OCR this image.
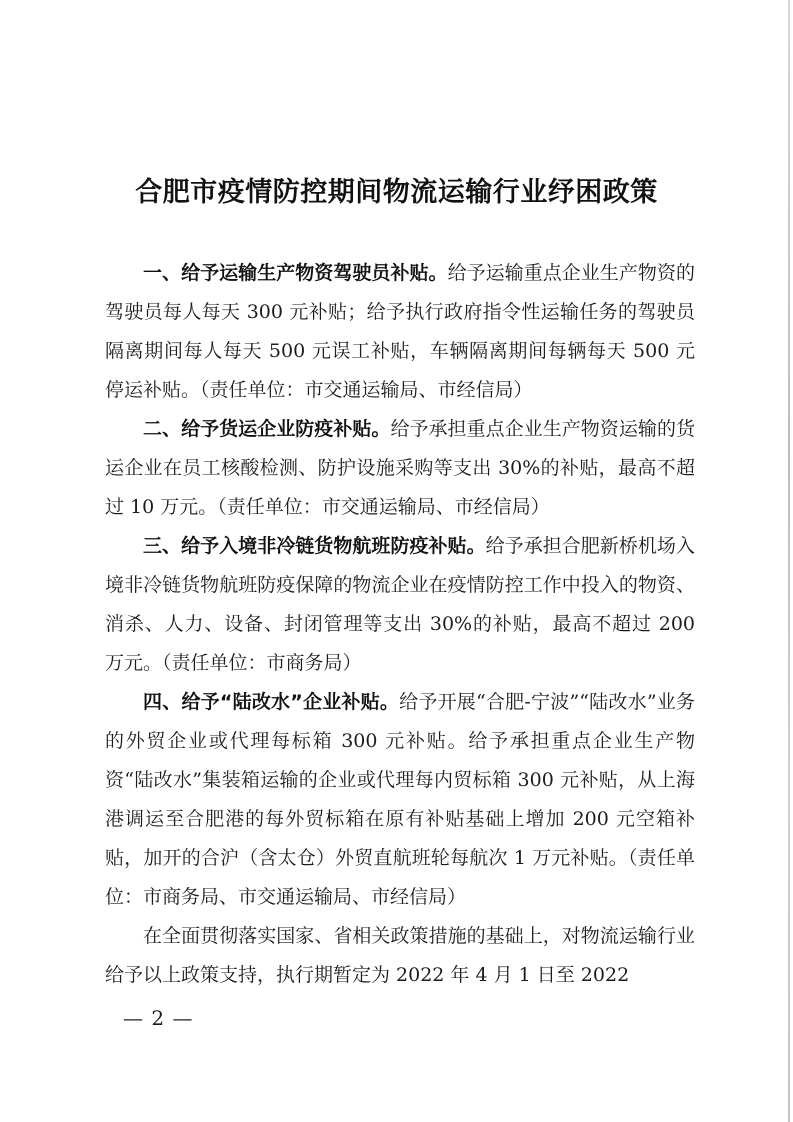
合肥市疫情防控期间物流运输行业纾困政策

一、给予运输生产物资驾驶员补贴。给予运输重点企业生产物资的驾驶员每人每天 300 元补贴；给予执行政府指令性运输任务的驾驶员隔离期间每人每天 500 元误工补贴，车辆隔离期间每辆每天 500 元停运补贴。（责任单位：市交通运输局、市经信局）

二、给予货运企业防疫补贴。给予承担重点企业生产物资运输的货运企业在员工核酸检测、防护设施采购等支出 30%的补贴，最高不超过 10 万元。（责任单位：市交通运输局、市经信局）

三、给予入境非冷链货物航班防疫补贴。给予承担合肥新桥机场入境非冷链货物航班防疫保障的物流企业在疫情防控工作中投入的物资、消杀、人力、设备、封闭管理等支出 30%的补贴，最高不超过 200 万元。（责任单位：市商务局）

四、给予“陆改水”企业补贴。给予开展“合肥-宁波”“陆改水”业务的外贸企业或代理每标箱 300 元补贴。给予承担重点企业生产物资“陆改水”集装箱运输的企业或代理每内贸标箱 300 元补贴，从上海港调运至合肥港的每外贸标箱在原有补贴基础上增加 200 元空箱补贴，加开的合沪（含太仓）外贸直航班轮每航次 1 万元补贴。（责任单位：市商务局、市交通运输局、市经信局）

在全面贯彻落实国家、省相关政策措施的基础上，对物流运输行业给予以上政策支持，执行期暂定为 2022 年 4 月 1 日至 2022

— 2 —
